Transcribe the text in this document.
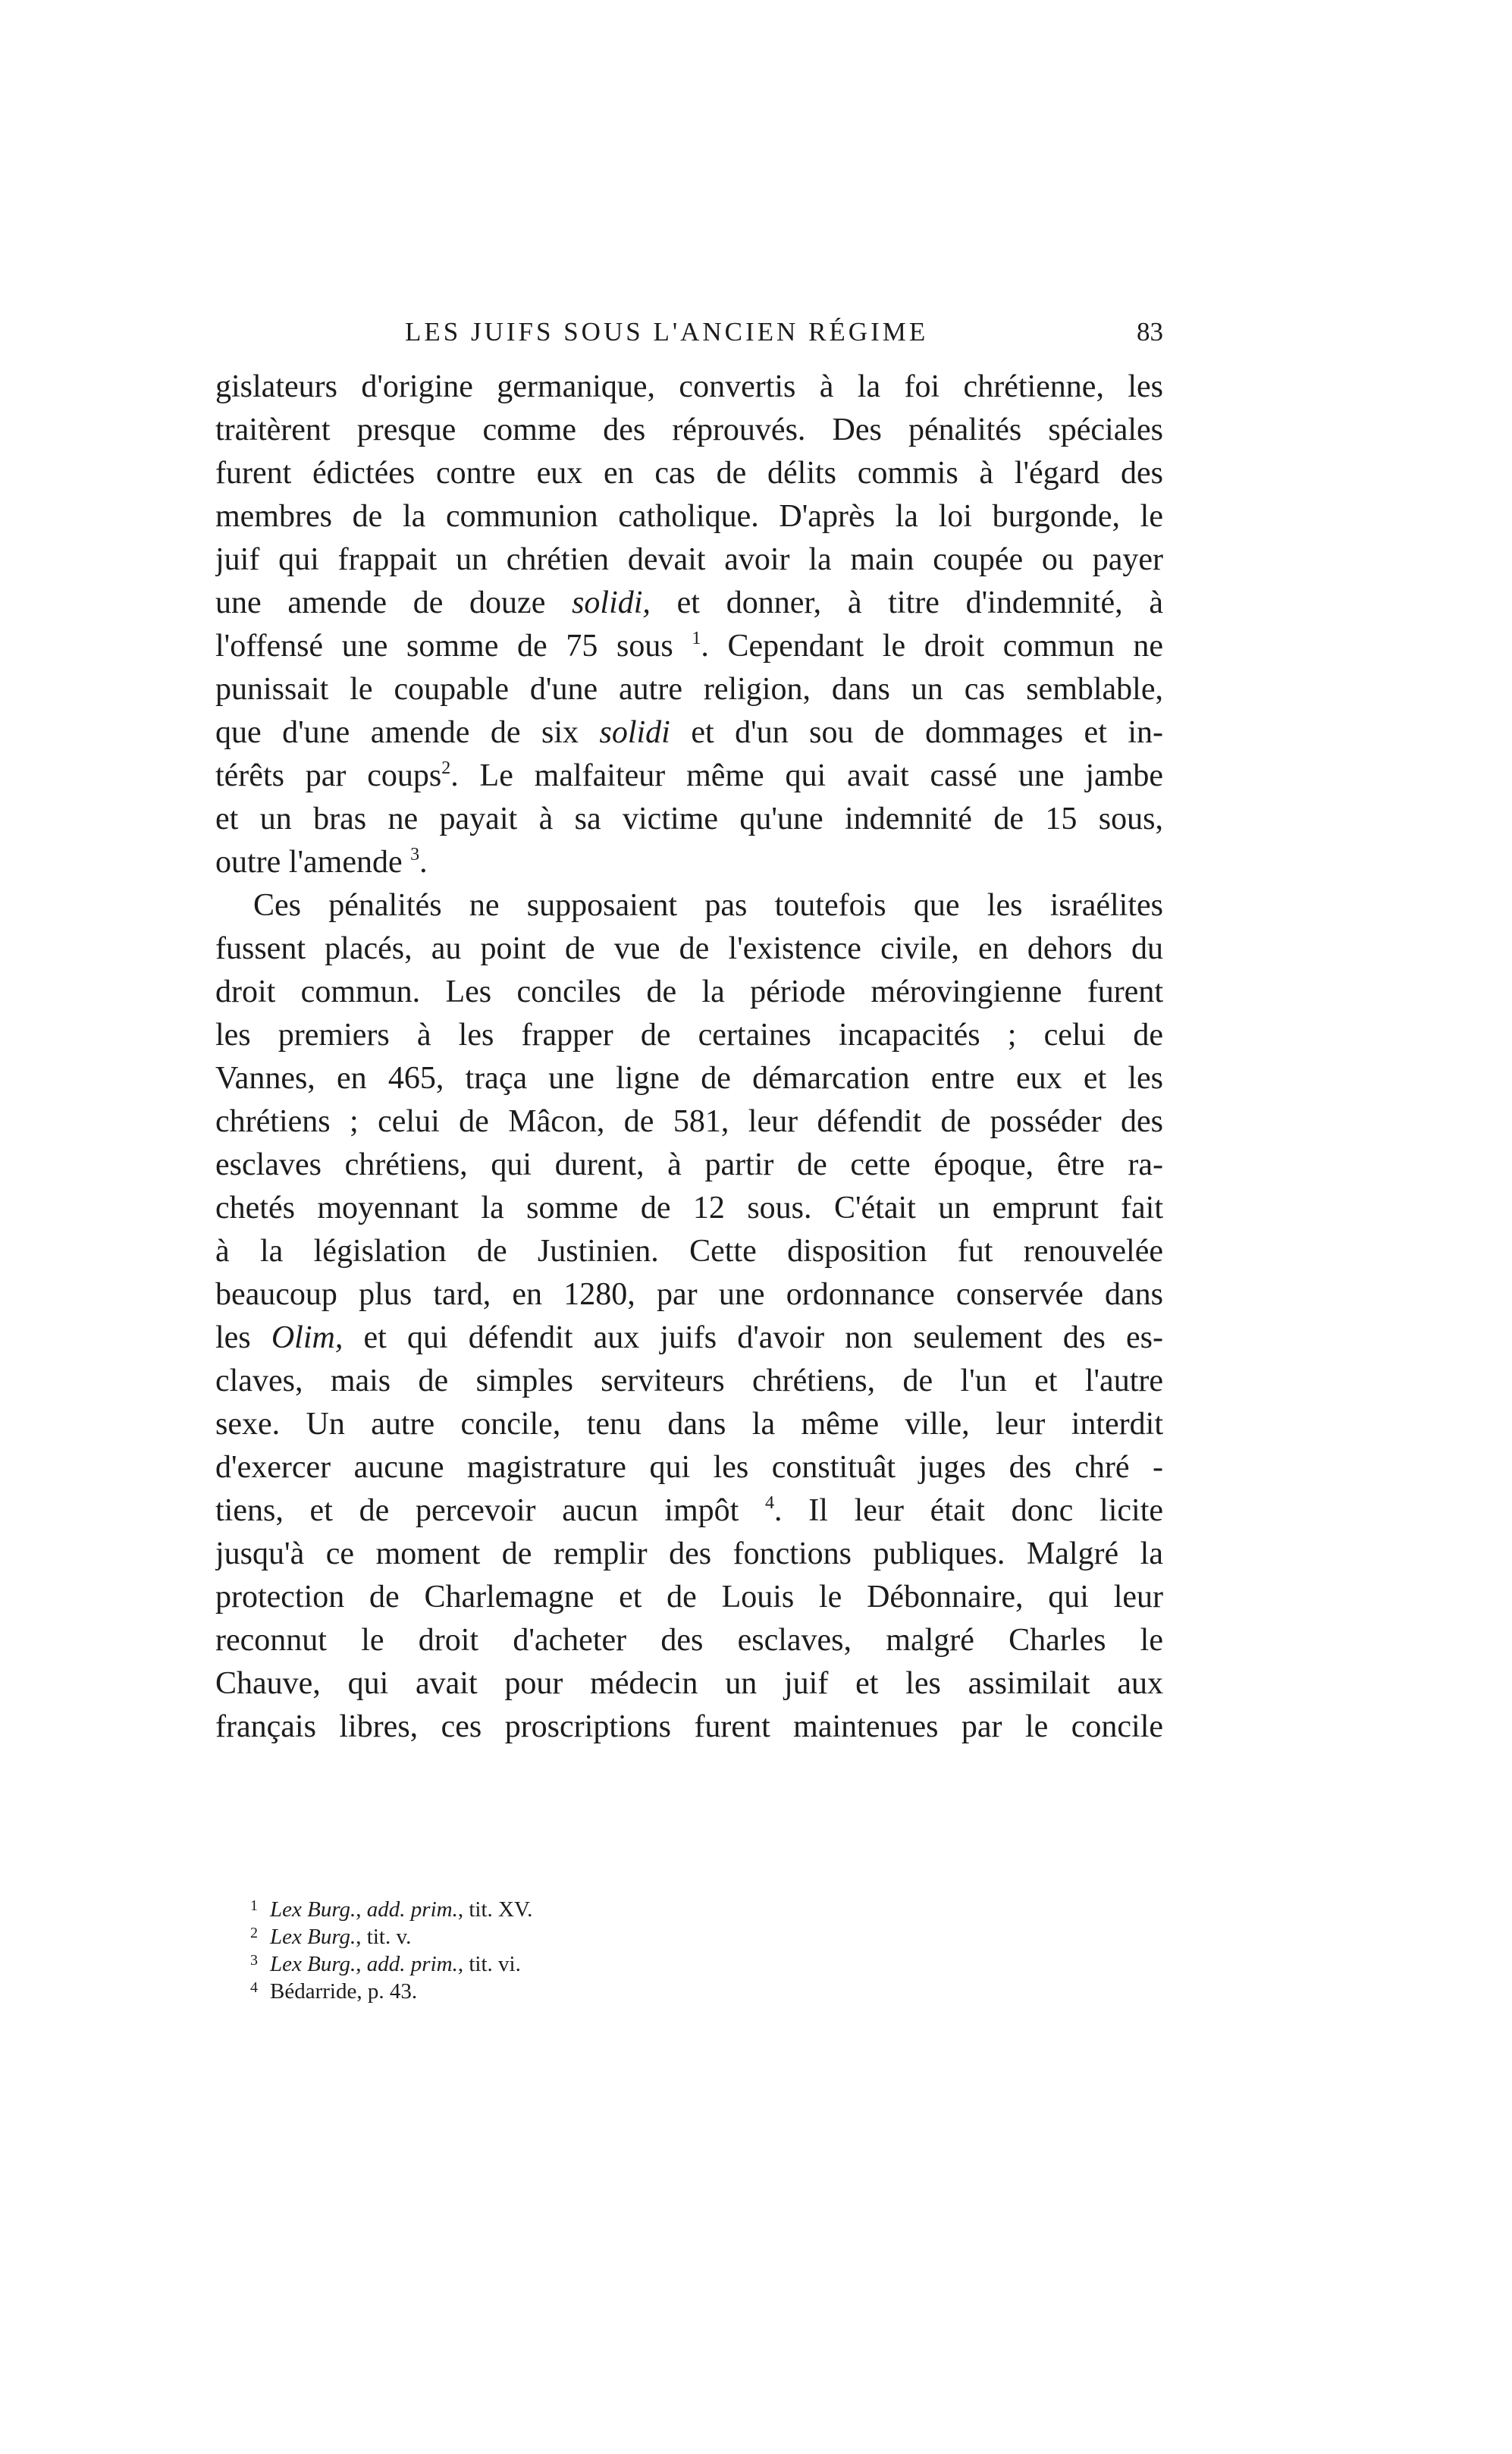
LES JUIFS SOUS L'ANCIEN RÉGIME	83
gislateurs d'origine germanique, convertis à la foi chrétienne, les
traitèrent presque comme des réprouvés. Des pénalités spéciales
furent édictées contre eux en cas de délits commis à l'égard des
membres de la communion catholique. D'après la loi burgonde, le
juif qui frappait un chrétien devait avoir la main coupée ou payer
une amende de douze solidi, et donner, à titre d'indemnité, à
l'offensé une somme de 75 sous $^1$. Cependant le droit commun ne
punissait le coupable d'une autre religion, dans un cas semblable,
que d'une amende de six solidi et d'un sou de dommages et in-
térêts par coups$^2$. Le malfaiteur même qui avait cassé une jambe
et un bras ne payait à sa victime qu'une indemnité de 15 sous,
outre l'amende $^3$.
Ces pénalités ne supposaient pas toutefois que les israélites
fussent placés, au point de vue de l'existence civile, en dehors du
droit commun. Les conciles de la période mérovingienne furent
les premiers à les frapper de certaines incapacités ; celui de
Vannes, en 465, traça une ligne de démarcation entre eux et les
chrétiens ; celui de Mâcon, de 581, leur défendit de posséder des
esclaves chrétiens, qui durent, à partir de cette époque, être ra-
chetés moyennant la somme de 12 sous. C'était un emprunt fait
à la législation de Justinien. Cette disposition fut renouvelée
beaucoup plus tard, en 1280, par une ordonnance conservée dans
les Olim, et qui défendit aux juifs d'avoir non seulement des es-
claves, mais de simples serviteurs chrétiens, de l'un et l'autre
sexe. Un autre concile, tenu dans la même ville, leur interdit
d'exercer aucune magistrature qui les constituât juges des chré -
tiens, et de percevoir aucun impôt $^4$. Il leur était donc licite
jusqu'à ce moment de remplir des fonctions publiques. Malgré la
protection de Charlemagne et de Louis le Débonnaire, qui leur
reconnut le droit d'acheter des esclaves, malgré Charles le
Chauve, qui avait pour médecin un juif et les assimilait aux
français libres, ces proscriptions furent maintenues par le concile
1 Lex Burg., add. prim., tit. XV.
2 Lex Burg., tit. v.
3 Lex Burg., add. prim., tit. vi.
4 Bédarride, p. 43.
